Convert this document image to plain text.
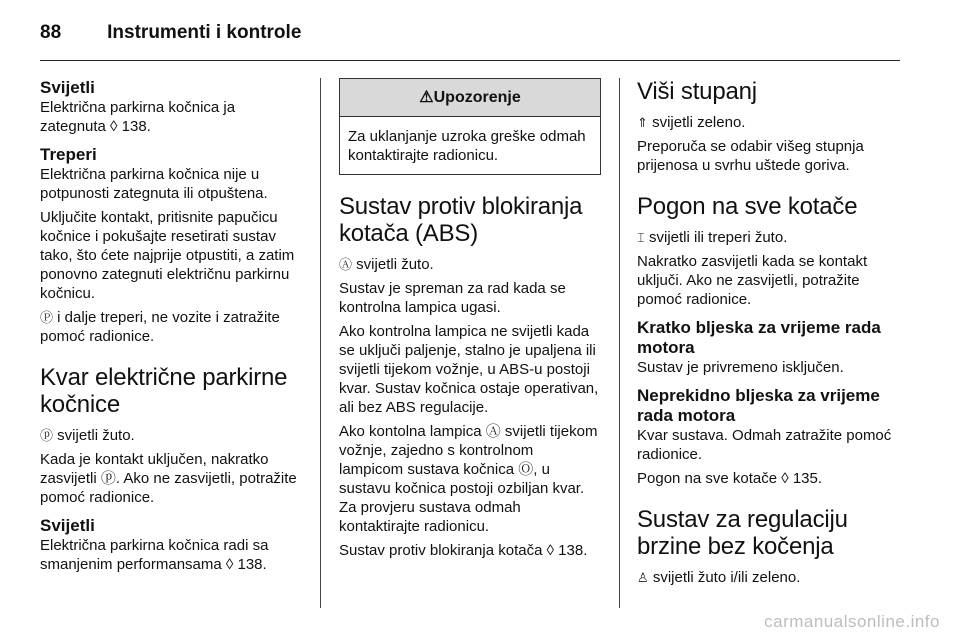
88 Instrumenti i kontrole
Svijetli

Električna parkirna kočnica ja zategnuta ◊ 138.

Treperi

Električna parkirna kočnica nije u potpunosti zategnuta ili otpuštena.

Uključite kontakt, pritisnite papučicu kočnice i pokušajte resetirati sustav tako, što ćete najprije otpustiti, a zatim ponovno zategnuti električnu parkirnu kočnicu.

Ⓟ i dalje treperi, ne vozite i zatražite pomoć radionice.

Kvar električne parkirne kočnice

ⓟ svijetli žuto.

Kada je kontakt uključen, nakratko zasvijetli ⓟ. Ako ne zasvijetli, potražite pomoć radionice.

Svijetli

Električna parkirna kočnica radi sa smanjenim performansama ◊ 138.

⚠Upozorenje
Za uklanjanje uzroka greške odmah kontaktirajte radionicu.
Sustav protiv blokiranja kotača (ABS)

Ⓐ svijetli žuto.

Sustav je spreman za rad kada se kontrolna lampica ugasi.

Ako kontrolna lampica ne svijetli kada se uključi paljenje, stalno je upaljena ili svijetli tijekom vožnje, u ABS-u postoji kvar. Sustav kočnica ostaje operativan, ali bez ABS regulacije.

Ako kontolna lampica Ⓐ svijetli tijekom vožnje, zajedno s kontrolnom lampicom sustava kočnica Ⓞ, u sustavu kočnica postoji ozbiljan kvar. Za provjeru sustava odmah kontaktirajte radionicu.

Sustav protiv blokiranja kotača ◊ 138.

Viši stupanj

⇑ svijetli zeleno.

Preporuča se odabir višeg stupnja prijenosa u svrhu uštede goriva.

Pogon na sve kotače

⌶ svijetli ili treperi žuto.

Nakratko zasvijetli kada se kontakt uključi. Ako ne zasvijetli, potražite pomoć radionice.

Kratko bljeska za vrijeme rada motora

Sustav je privremeno isključen.

Neprekidno bljeska za vrijeme rada motora

Kvar sustava. Odmah zatražite pomoć radionice.

Pogon na sve kotače ◊ 135.

Sustav za regulaciju brzine bez kočenja

♙ svijetli žuto i/ili zeleno.

carmanualsonline.info
